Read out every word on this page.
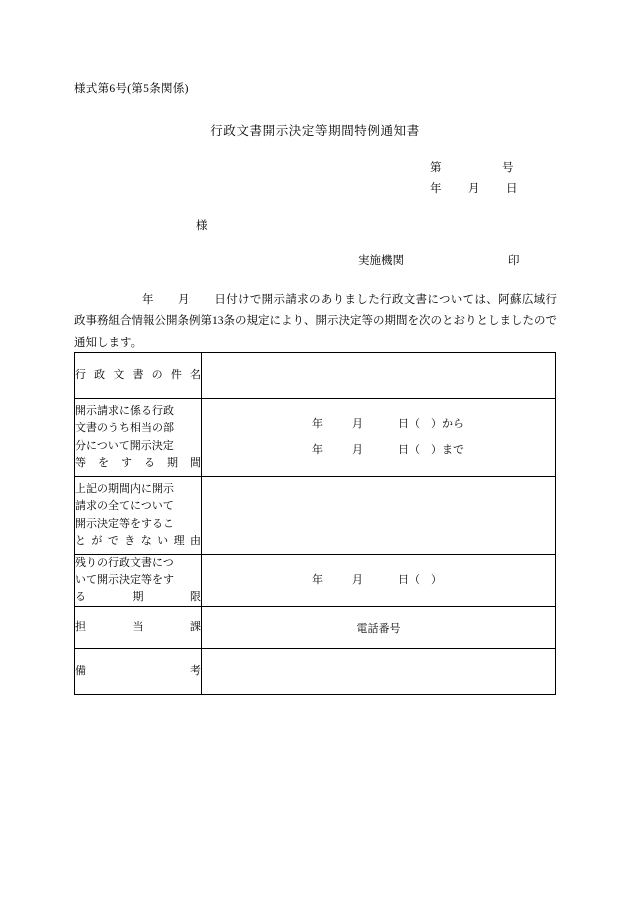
様式第6号(第5条関係)
行政文書開示決定等期間特例通知書
第	号
年 月 日
様
実施機関	印
年 月 日付けで開示請求のありました行政文書については、阿蘇広域行政事務組合情報公開条例第13条の規定により、開示決定等の期間を次のとおりとしましたので通知します。
行政文書の件名	

開示請求に係る行政
文書のうち相当の部
分について開示決定
等をする期間

年	月	日（　）から
年	月	日（　）まで

上記の期間内に開示
請求の全てについて
開示決定等をするこ
とができない理由	

残りの行政文書につ
いて開示決定等をす
る期限	年 月 日（　）

担当課	電話番号

備考	
